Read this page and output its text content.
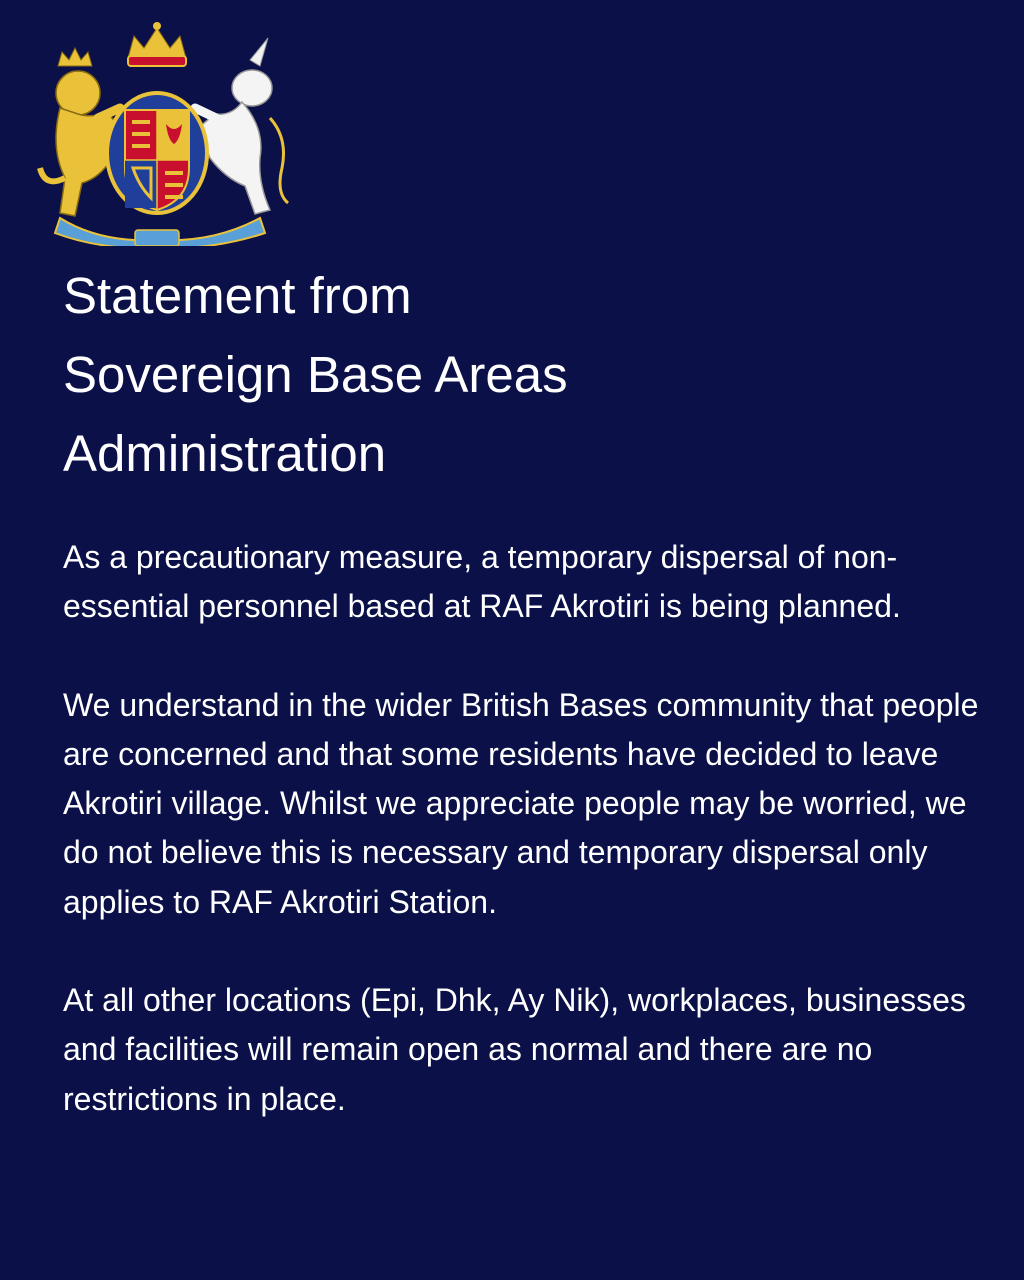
Statement from
Sovereign Base Areas
Administration

As a precautionary measure, a temporary dispersal of non-essential personnel based at RAF Akrotiri is being planned.

We understand in the wider British Bases community that people are concerned and that some residents have decided to leave Akrotiri village. Whilst we appreciate people may be worried, we do not believe this is necessary and temporary dispersal only applies to RAF Akrotiri Station.

At all other locations (Epi, Dhk, Ay Nik), workplaces, businesses and facilities will remain open as normal and there are no restrictions in place.
